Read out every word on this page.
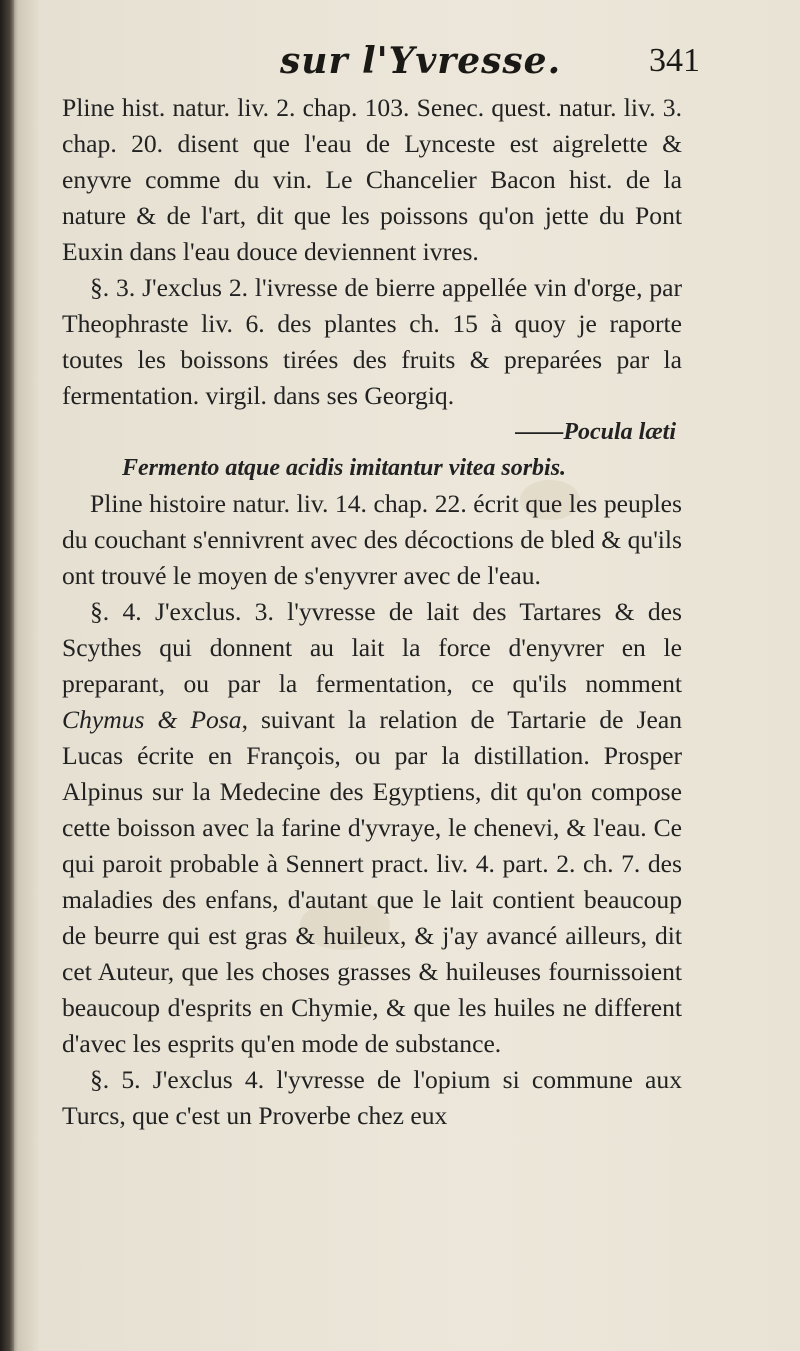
sur l'Yvresse.	341

Pline hist. natur. liv. 2. chap. 103. Senec. quest. natur. liv. 3. chap. 20. disent que l'eau de Lynceste est aigrelette & enyvre comme du vin. Le Chancelier Bacon hist. de la nature & de l'art, dit que les poissons qu'on jette du Pont Euxin dans l'eau douce deviennent ivres.

§. 3. J'exclus 2. l'ivresse de bierre appellée vin d'orge, par Theophraste liv. 6. des plantes ch. 15 à quoy je raporte toutes les boissons tirées des fruits & preparées par la fermentation. virgil. dans ses Georgiq.

——Pocula læti

Fermento atque acidis imitantur vitea sorbis.

Pline histoire natur. liv. 14. chap. 22. écrit que les peuples du couchant s'ennivrent avec des décoctions de bled & qu'ils ont trouvé le moyen de s'enyvrer avec de l'eau.

§. 4. J'exclus. 3. l'yvresse de lait des Tartares & des Scythes qui donnent au lait la force d'enyvrer en le preparant, ou par la fermentation, ce qu'ils nomment Chymus & Posa, suivant la relation de Tartarie de Jean Lucas écrite en François, ou par la distillation. Prosper Alpinus sur la Medecine des Egyptiens, dit qu'on compose cette boisson avec la farine d'yvraye, le chenevi, & l'eau. Ce qui paroit probable à Sennert pract. liv. 4. part. 2. ch. 7. des maladies des enfans, d'autant que le lait contient beaucoup de beurre qui est gras & huileux, & j'ay avancé ailleurs, dit cet Auteur, que les choses grasses & huileuses fournissoient beaucoup d'esprits en Chymie, & que les huiles ne different d'avec les esprits qu'en mode de substance.

§. 5. J'exclus 4. l'yvresse de l'opium si commune aux Turcs, que c'est un Proverbe chez eux
